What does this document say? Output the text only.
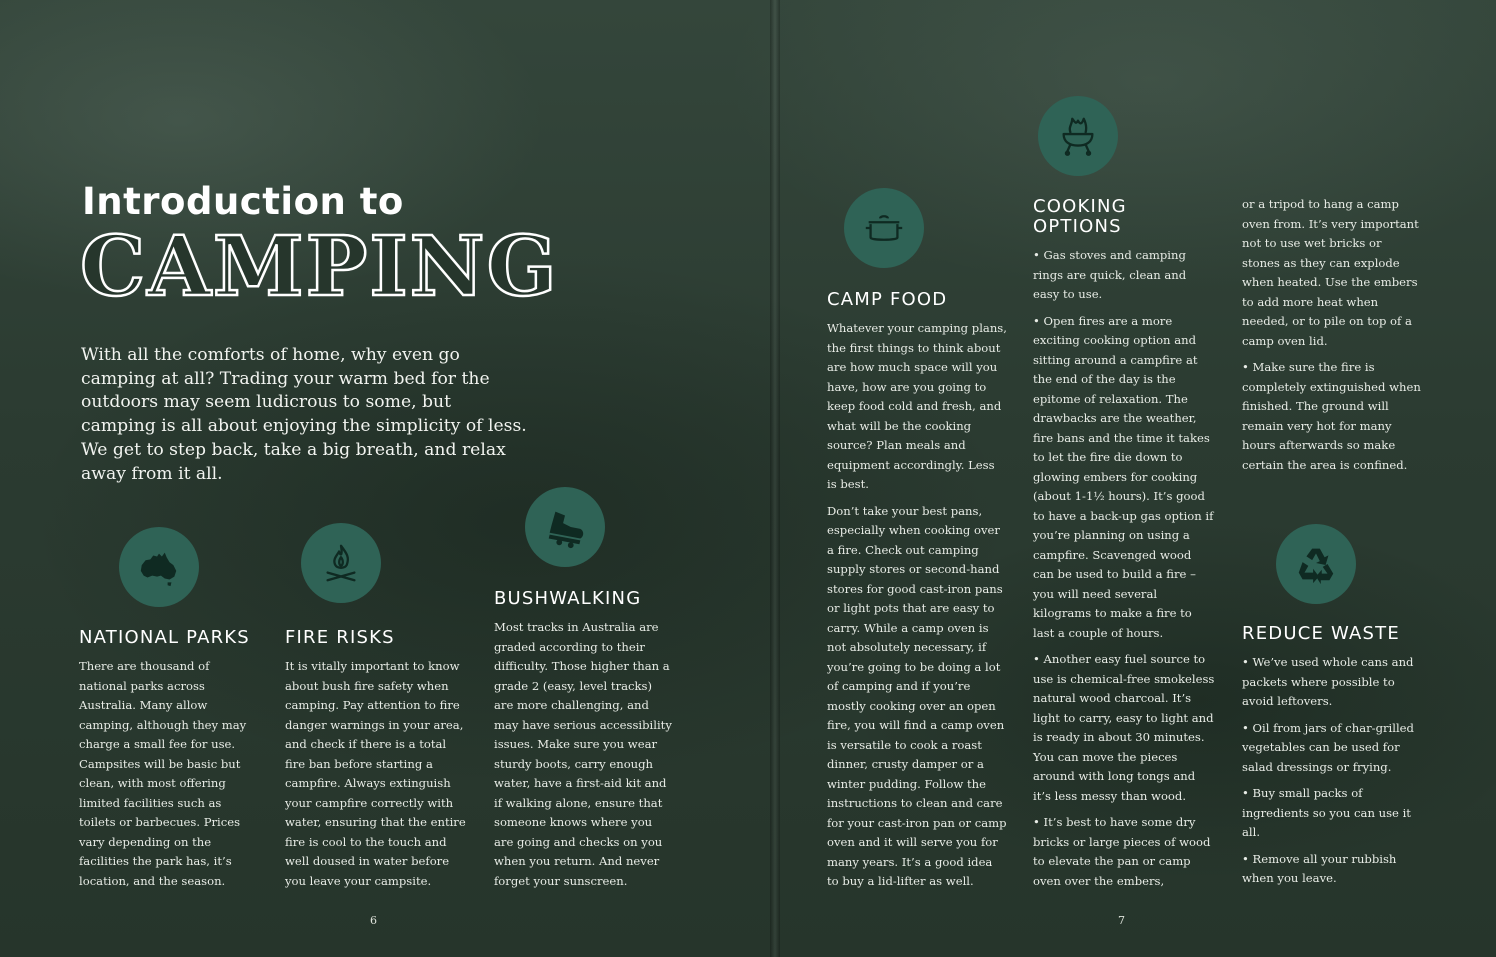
Introduction to
CAMPING

With all the comforts of home, why even go camping at all? Trading your warm bed for the outdoors may seem ludicrous to some, but camping is all about enjoying the simplicity of less. We get to step back, take a big breath, and relax away from it all.

NATIONAL PARKS

There are thousand of national parks across Australia. Many allow camping, although they may charge a small fee for use. Campsites will be basic but clean, with most offering limited facilities such as toilets or barbecues. Prices vary depending on the facilities the park has, it’s location, and the season.

FIRE RISKS

It is vitally important to know about bush fire safety when camping. Pay attention to fire danger warnings in your area, and check if there is a total fire ban before starting a campfire. Always extinguish your campfire correctly with water, ensuring that the entire fire is cool to the touch and well doused in water before you leave your campsite.

BUSHWALKING

Most tracks in Australia are graded according to their difficulty. Those higher than a grade 2 (easy, level tracks) are more challenging, and may have serious accessibility issues. Make sure you wear sturdy boots, carry enough water, have a first-aid kit and if walking alone, ensure that someone knows where you are going and checks on you when you return. And never forget your sunscreen.

6

CAMP FOOD

Whatever your camping plans, the first things to think about are how much space will you have, how are you going to keep food cold and fresh, and what will be the cooking source? Plan meals and equipment accordingly. Less is best.

Don’t take your best pans, especially when cooking over a fire. Check out camping supply stores or second-hand stores for good cast-iron pans or light pots that are easy to carry. While a camp oven is not absolutely necessary, if you’re going to be doing a lot of camping and if you’re mostly cooking over an open fire, you will find a camp oven is versatile to cook a roast dinner, crusty damper or a winter pudding. Follow the instructions to clean and care for your cast-iron pan or camp oven and it will serve you for many years. It’s a good idea to buy a lid-lifter as well.

COOKING
OPTIONS

• Gas stoves and camping rings are quick, clean and easy to use.

• Open fires are a more exciting cooking option and sitting around a campfire at the end of the day is the epitome of relaxation. The drawbacks are the weather, fire bans and the time it takes to let the fire die down to glowing embers for cooking (about 1-1½ hours). It’s good to have a back-up gas option if you’re planning on using a campfire. Scavenged wood can be used to build a fire – you will need several kilograms to make a fire to last a couple of hours.

• Another easy fuel source to use is chemical-free smokeless natural wood charcoal. It’s light to carry, easy to light and is ready in about 30 minutes. You can move the pieces around with long tongs and it’s less messy than wood.

• It’s best to have some dry bricks or large pieces of wood to elevate the pan or camp oven over the embers,

or a tripod to hang a camp oven from. It’s very important not to use wet bricks or stones as they can explode when heated. Use the embers to add more heat when needed, or to pile on top of a camp oven lid.

• Make sure the fire is completely extinguished when finished. The ground will remain very hot for many hours afterwards so make certain the area is confined.

REDUCE WASTE

• We’ve used whole cans and packets where possible to avoid leftovers.

• Oil from jars of char-grilled vegetables can be used for salad dressings or frying.

• Buy small packs of ingredients so you can use it all.

• Remove all your rubbish when you leave.

7
